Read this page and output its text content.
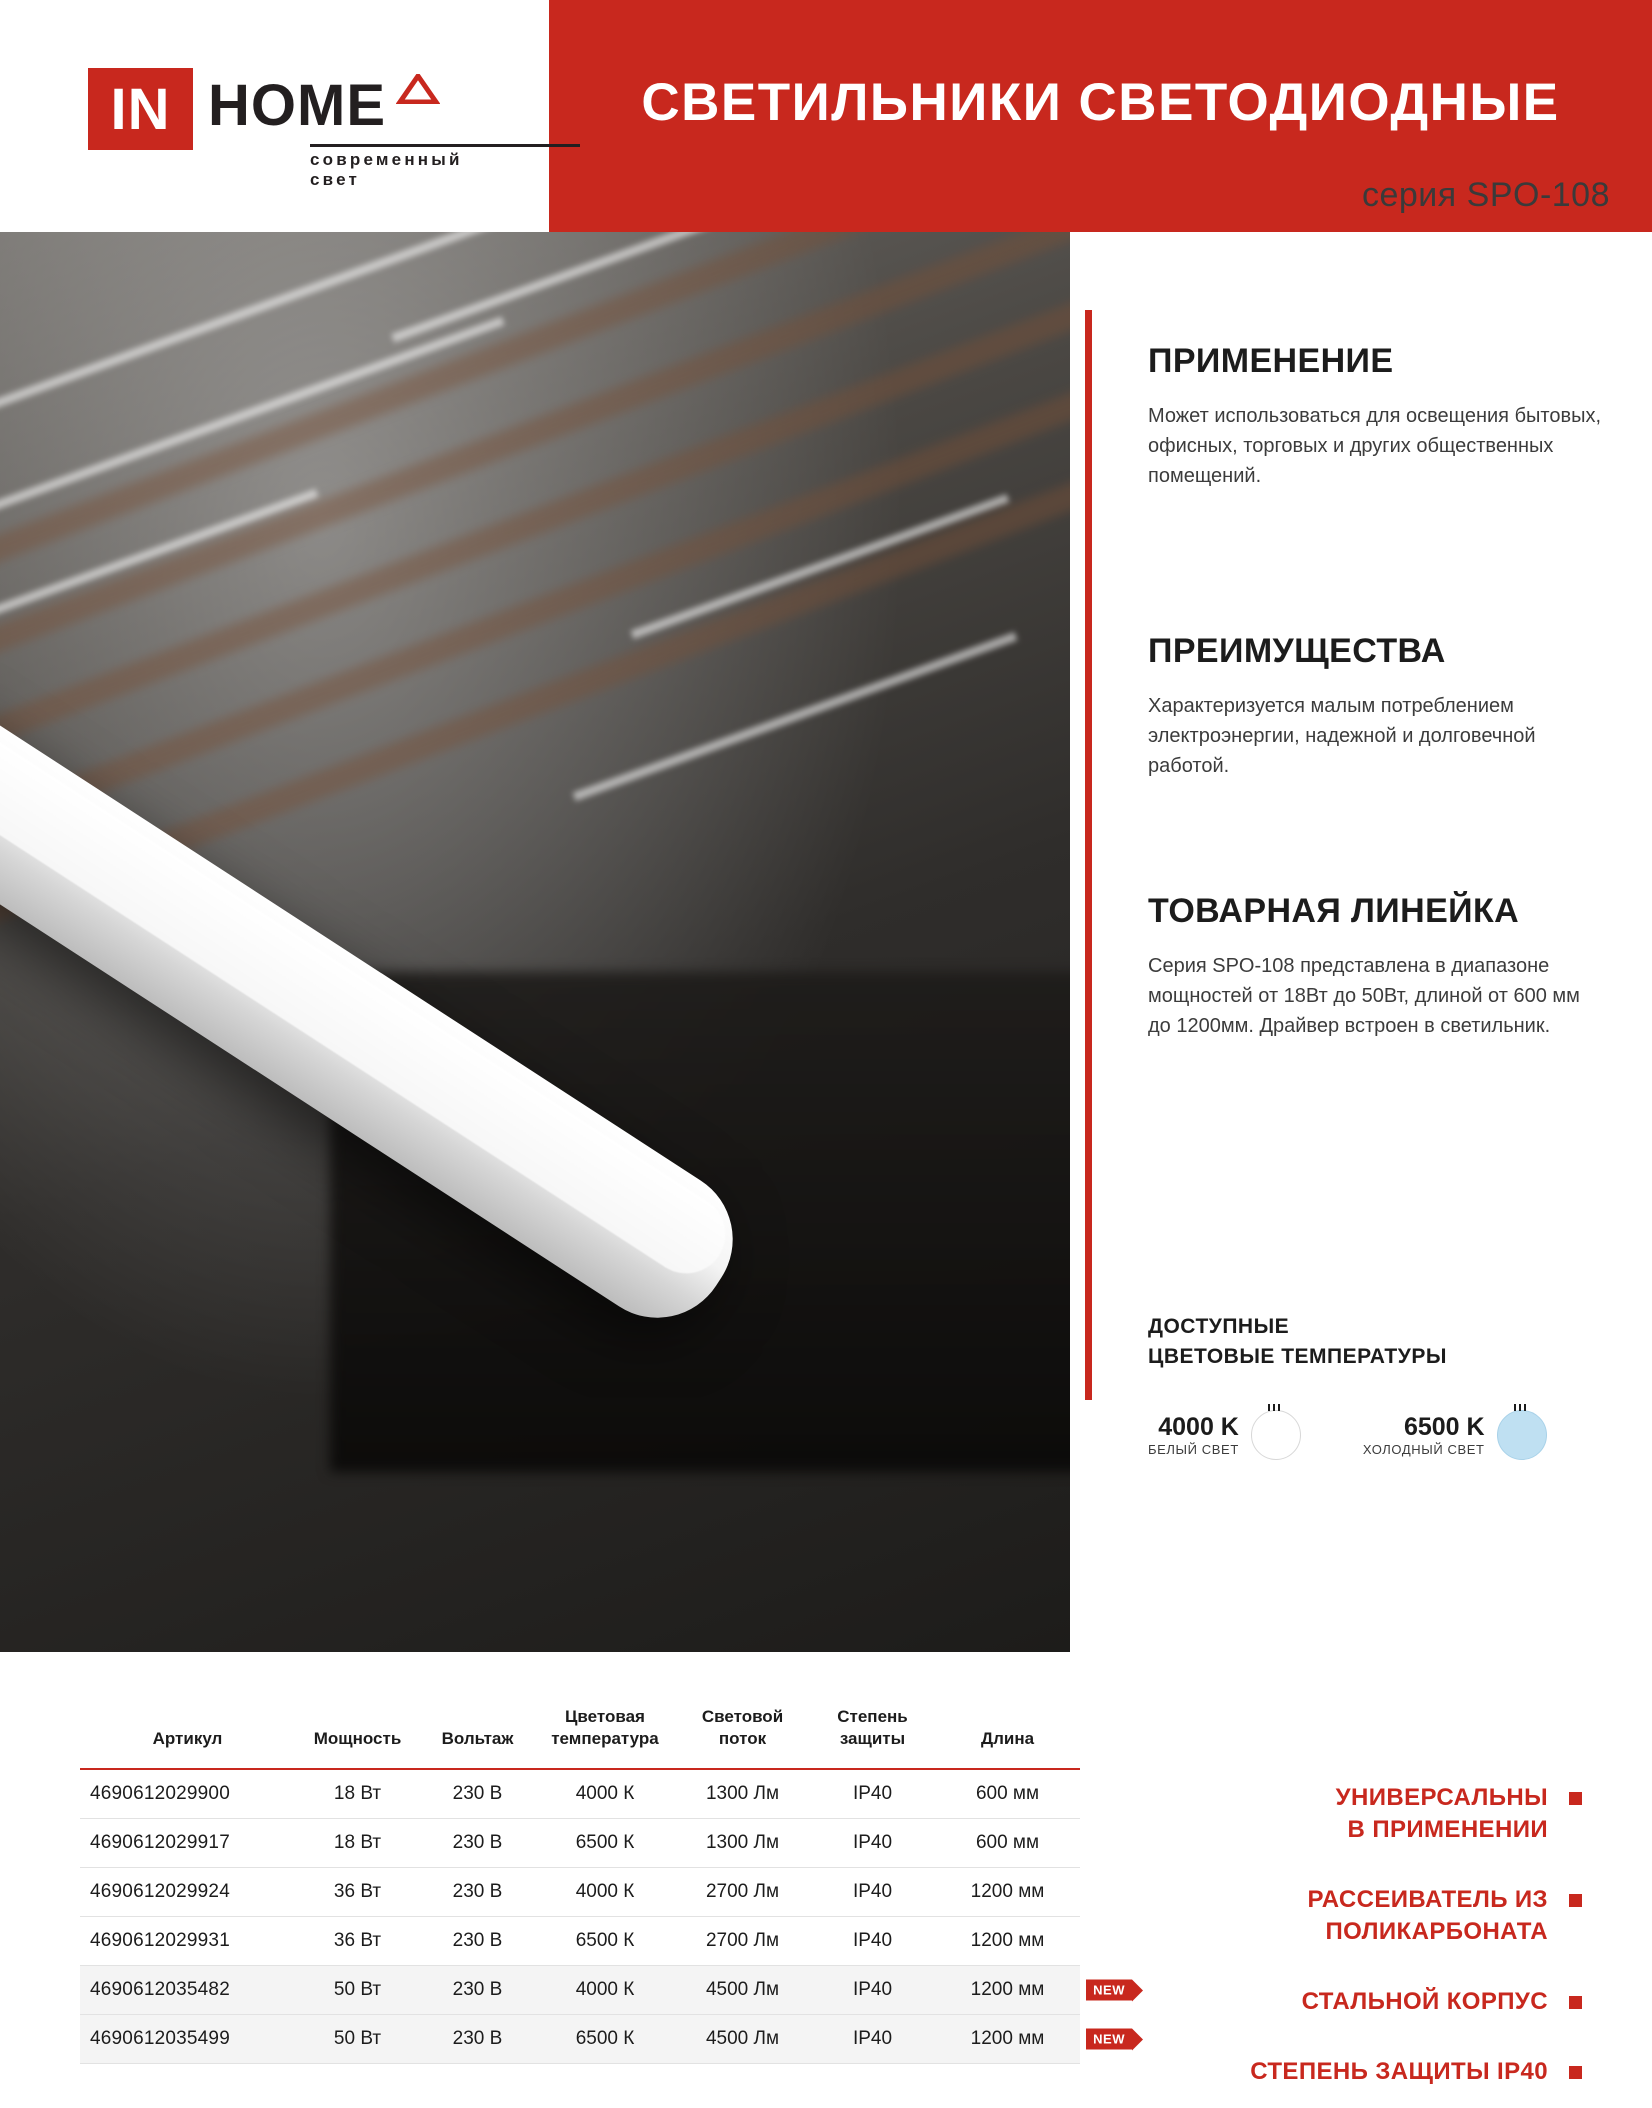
СВЕТИЛЬНИКИ СВЕТОДИОДНЫЕ
IN HOME
современный свет	серия SPO-108
ПРИМЕНЕНИЕ

Может использоваться для освещения бытовых, офисных, торговых и других общественных помещений.

ПРЕИМУЩЕСТВА

Характеризуется малым потреблением электроэнергии, надежной и долговечной работой.

ТОВАРНАЯ ЛИНЕЙКА

Серия SPO-108 представлена в диапазоне мощностей от 18Вт до 50Вт, длиной от 600 мм до 1200мм. Драйвер встроен в светильник.

ДОСТУПНЫЕ
ЦВЕТОВЫЕ ТЕМПЕРАТУРЫ
4000 K
БЕЛЫЙ СВЕТ
6500 K
ХОЛОДНЫЙ СВЕТ
Артикул	Мощность	Вольтаж	Цветовая температура	Световой поток	Степень защиты	Длина
4690612029900	18 Вт	230 В	4000 К	1300 Лм	IP40	600 мм
4690612029917	18 Вт	230 В	6500 К	1300 Лм	IP40	600 мм
4690612029924	36 Вт	230 В	4000 К	2700 Лм	IP40	1200 мм
4690612029931	36 Вт	230 В	6500 К	2700 Лм	IP40	1200 мм
4690612035482	50 Вт	230 В	4000 К	4500 Лм	IP40	1200 мм NEW

4690612035499	50 Вт	230 В	6500 К	4500 Лм	IP40	1200 мм NEW
УНИВЕРСАЛЬНЫ
В ПРИМЕНЕНИИ
РАССЕИВАТЕЛЬ ИЗ
ПОЛИКАРБОНАТА
СТАЛЬНОЙ КОРПУС
СТЕПЕНЬ ЗАЩИТЫ IP40
